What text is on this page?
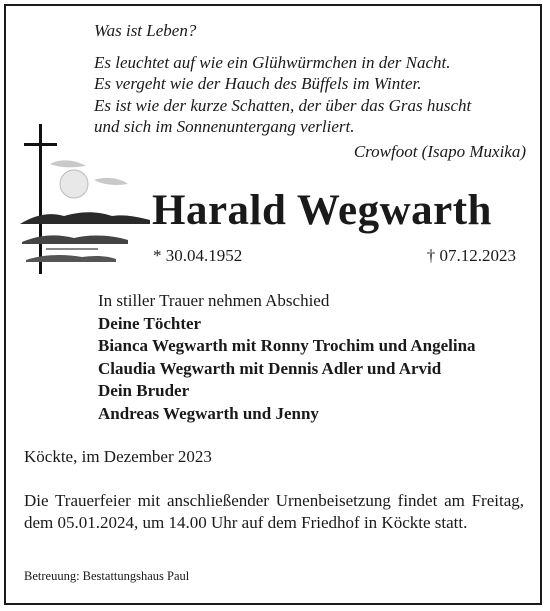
Was ist Leben?
Es leuchtet auf wie ein Glühwürmchen in der Nacht.
Es vergeht wie der Hauch des Büffels im Winter.
Es ist wie der kurze Schatten, der über das Gras huscht
und sich im Sonnenuntergang verliert.
Crowfoot (Isapo Muxika)
Harald Wegwarth
* 30.04.1952	† 07.12.2023
In stiller Trauer nehmen Abschied
Deine Töchter
Bianca Wegwarth mit Ronny Trochim und Angelina
Claudia Wegwarth mit Dennis Adler und Arvid
Dein Bruder
Andreas Wegwarth und Jenny
Köckte, im Dezember 2023
Die Trauerfeier mit anschließender Urnenbeisetzung findet am Freitag, dem 05.01.2024, um 14.00 Uhr auf dem Friedhof in Köckte statt.
Betreuung: Bestattungshaus Paul
